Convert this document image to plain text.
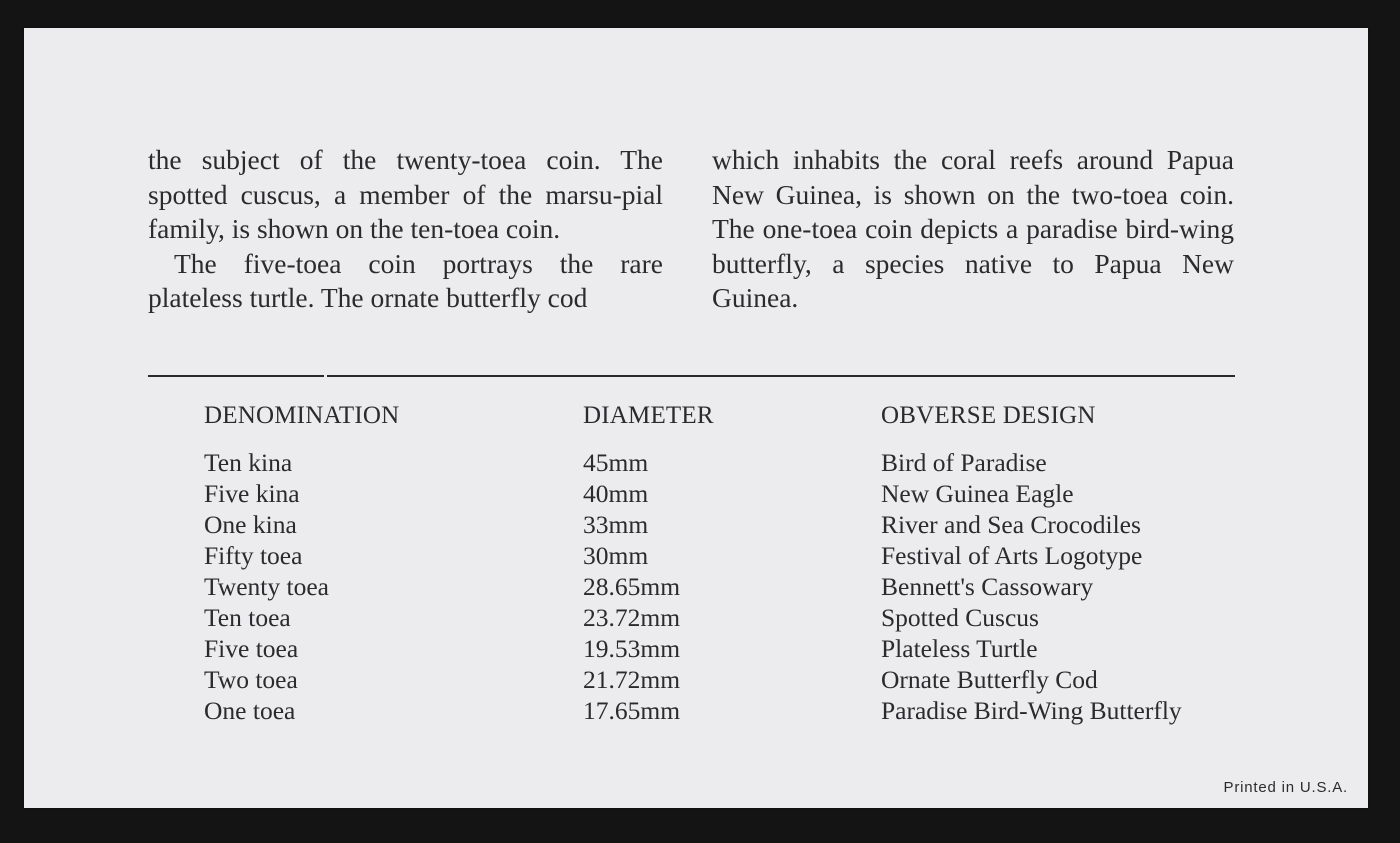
the subject of the twenty-toea coin. The spotted cuscus, a member of the marsu-pial family, is shown on the ten-toea coin.

The five-toea coin portrays the rare plateless turtle. The ornate butterfly cod

which inhabits the coral reefs around Papua New Guinea, is shown on the two-toea coin. The one-toea coin depicts a paradise bird-wing butterfly, a species native to Papua New Guinea.

DENOMINATION	DIAMETER	OBVERSE DESIGN
Ten kina	45mm	Bird of Paradise
Five kina	40mm	New Guinea Eagle
One kina	33mm	River and Sea Crocodiles
Fifty toea	30mm	Festival of Arts Logotype
Twenty toea	28.65mm	Bennett's Cassowary
Ten toea	23.72mm	Spotted Cuscus
Five toea	19.53mm	Plateless Turtle
Two toea	21.72mm	Ornate Butterfly Cod
One toea	17.65mm	Paradise Bird-Wing Butterfly
Printed in U.S.A.
